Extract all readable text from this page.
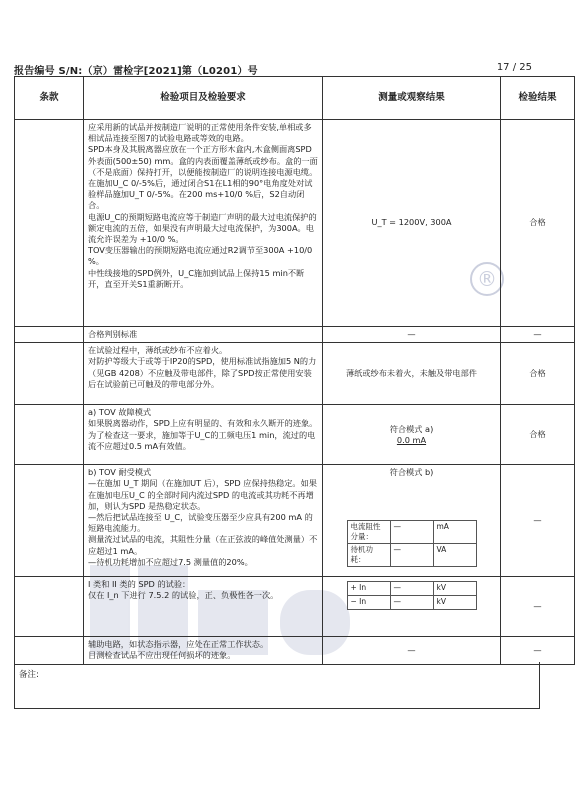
报告编号 S/N:（京）雷检字[2021]第（L0201）号	17 / 25
®
条款	检验项目及检验要求	测量或观察结果	检验结果

应采用新的试品并按制造厂说明的正常使用条件安装,单相或多相试品连接至图7的试验电路或等效的电路。

SPD本身及其脱离器应放在一个正方形木盒内,木盒侧面离SPD外表面(500±50) mm。盒的内表面覆盖薄纸或纱布。盒的一面（不是底面）保持打开，以便能按制造厂的说明连接电源电缆。在施加U_C 0/-5%后，通过闭合S1在L1相的90°电角度处对试验样品施加U_T 0/-5%。在200 ms+10/0 %后，S2自动闭合。

电源U_C的预期短路电流应等于制造厂声明的最大过电流保护的额定电流的五倍，如果没有声明最大过电流保护，为300A。电流允许误差为 +10/0 %。

TOV变压器输出的预期短路电流应通过R2调节至300A +10/0 %。

中性线接地的SPD例外，U_C施加到试品上保持15 min不断开，直至开关S1重新断开。

	U_T = 1200V, 300A	合格
	合格判别标准	—	—

在试验过程中，薄纸或纱布不应着火。

对防护等级大于或等于IP20的SPD，使用标准试指施加5 N的力（见GB 4208）不应触及带电部件，除了SPD按正常使用安装后在试验前已可触及的带电部分外。

	薄纸或纱布未着火，未触及带电部件	合格

a) TOV 故障模式

如果脱离器动作，SPD上应有明显的、有效和永久断开的迹象。

为了检查这一要求，施加等于U_C的工频电压1 min，流过的电流不应超过0.5 mA有效值。

符合模式 a)
0.0 mA
	合格

b) TOV 耐受模式

—在施加 U_T 期间（在施加UT 后），SPD 应保持热稳定。如果在施加电压U_C 的全部时间内流过SPD 的电流或其功耗不再增加，则认为SPD 是热稳定状态。

—然后把试品连接至 U_C，试验变压器至少应具有200 mA 的短路电流能力。

测量流过试品的电流，其阻性分量（在正弦波的峰值处测量）不应超过1 mA。

—待机功耗增加不应超过7.5 测量值的20%。

符合模式 b)
电流阻性分量：	—	mA
待机功耗：	—	VA
	—

I 类和 II 类的 SPD 的试验：

仅在 I_n 下进行 7.5.2 的试验，正、负极性各一次。

+ In	—	kV
− In	—	kV
		—

辅助电路，如状态指示器，应处在正常工作状态。

目测检查试品不应出现任何损坏的迹象。

	—	—
备注:
